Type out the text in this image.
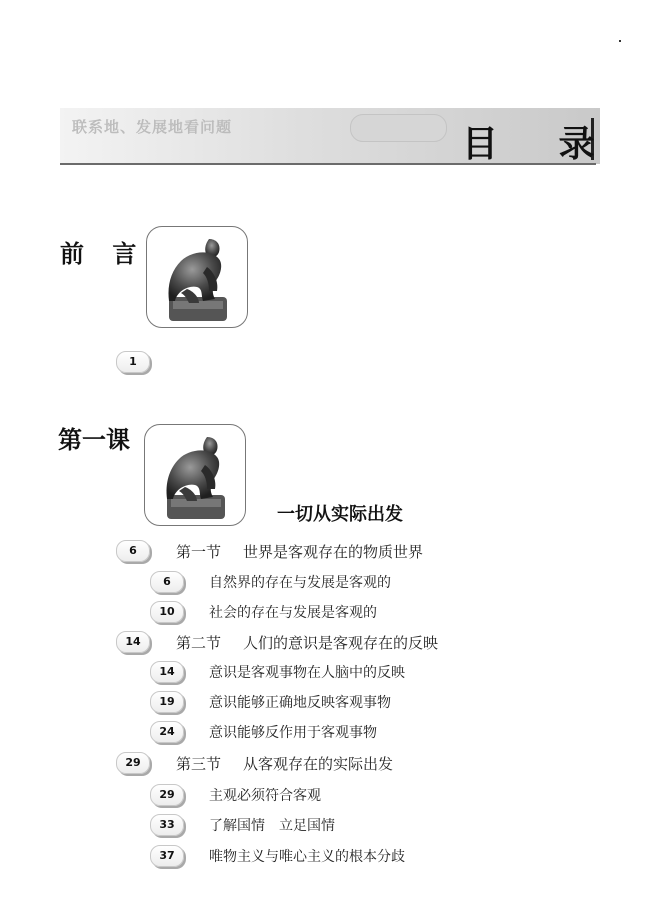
联系地、发展地看问题	目 录
前 言
1
第一课
一切从实际出发
6	第一节 世界是客观存在的物质世界
6	自然界的存在与发展是客观的
10	社会的存在与发展是客观的
14	第二节 人们的意识是客观存在的反映
14	意识是客观事物在人脑中的反映
19	意识能够正确地反映客观事物
24	意识能够反作用于客观事物
29	第三节 从客观存在的实际出发
29	主观必须符合客观
33	了解国情　立足国情
37	唯物主义与唯心主义的根本分歧
